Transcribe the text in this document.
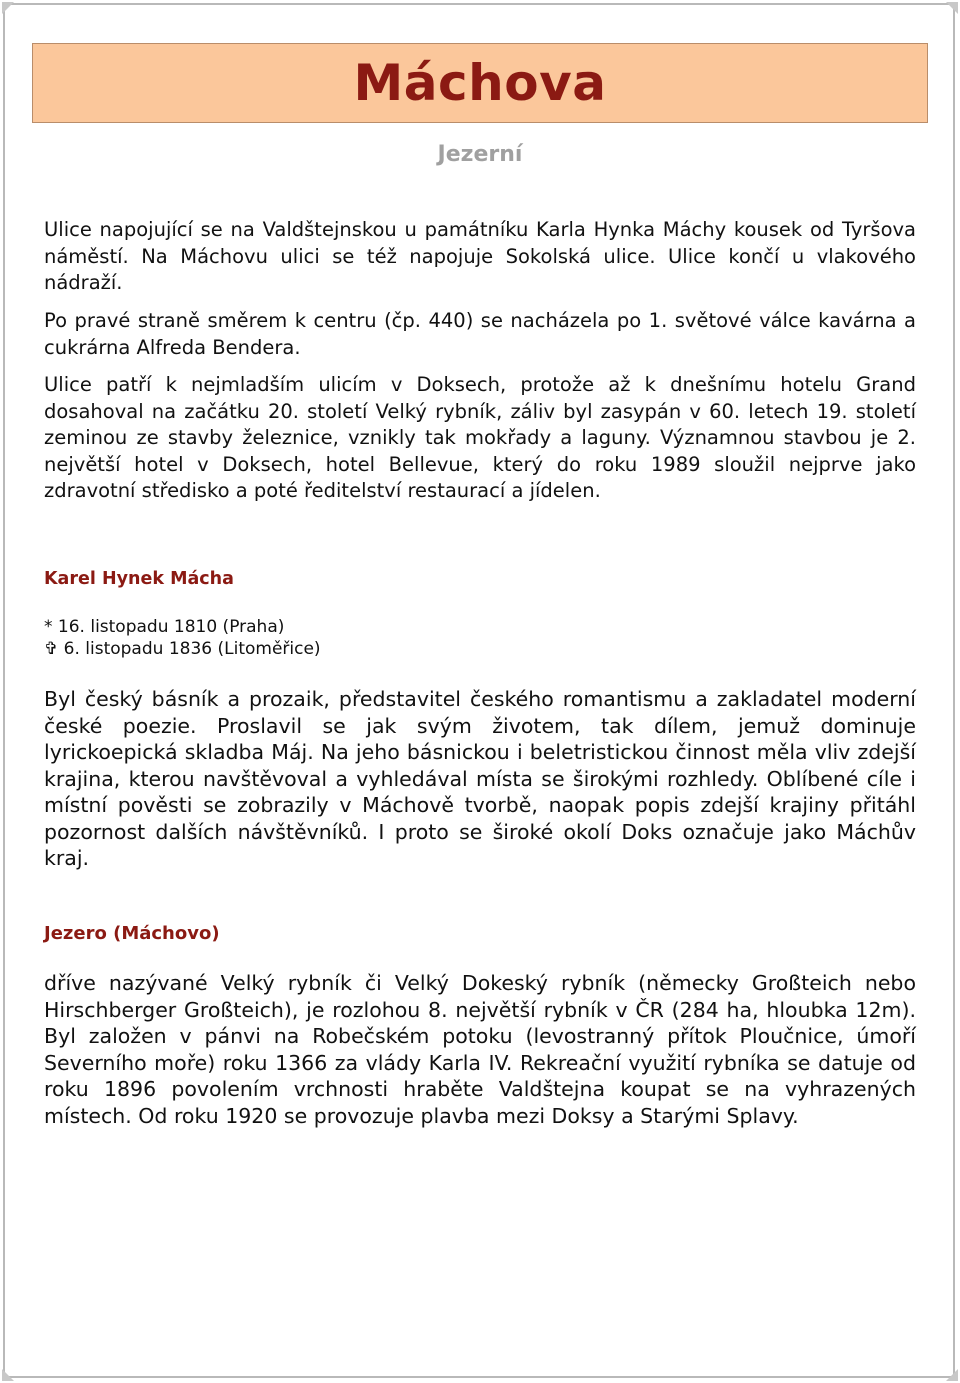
Máchova
Jezerní

Ulice napojující se na Valdštejnskou u památníku Karla Hynka Máchy kousek od Tyršova náměstí. Na Máchovu ulici se též napojuje Sokolská ulice. Ulice končí u vlakového nádraží.

Po pravé straně směrem k centru (čp. 440) se nacházela po 1. světové válce kavárna a cukrárna Alfreda Bendera.

Ulice patří k nejmladším ulicím v Doksech, protože až k dnešnímu hotelu Grand dosahoval na začátku 20. století Velký rybník, záliv byl zasypán v 60. letech 19. století zeminou ze stavby železnice, vznikly tak mokřady a laguny. Významnou stavbou je 2. největší hotel v Doksech, hotel Bellevue, který do roku 1989 sloužil nejprve jako zdravotní středisko a poté ředitelství restaurací a jídelen.

Karel Hynek Mácha
* 16. listopadu 1810 (Praha)
✞ 6. listopadu 1836 (Litoměřice)

Byl český básník a prozaik, představitel českého romantismu a zakladatel moderní české poezie. Proslavil se jak svým životem, tak dílem, jemuž dominuje lyrickoepická skladba Máj. Na jeho básnickou i beletristickou činnost měla vliv zdejší krajina, kterou navštěvoval a vyhledával místa se širokými rozhledy. Oblíbené cíle i místní pověsti se zobrazily v Máchově tvorbě, naopak popis zdejší krajiny přitáhl pozornost dalších návštěvníků. I proto se široké okolí Doks označuje jako Máchův kraj.

Jezero (Máchovo)

dříve nazývané Velký rybník či Velký Dokeský rybník (německy Großteich nebo Hirschberger Großteich), je rozlohou 8. největší rybník v ČR (284 ha, hloubka 12m). Byl založen v pánvi na Robečském potoku (levostranný přítok Ploučnice, úmoří Severního moře) roku 1366 za vlády Karla IV. Rekreační využití rybníka se datuje od roku 1896 povolením vrchnosti hraběte Valdštejna koupat se na vyhrazených místech. Od roku 1920 se provozuje plavba mezi Doksy a Starými Splavy.
